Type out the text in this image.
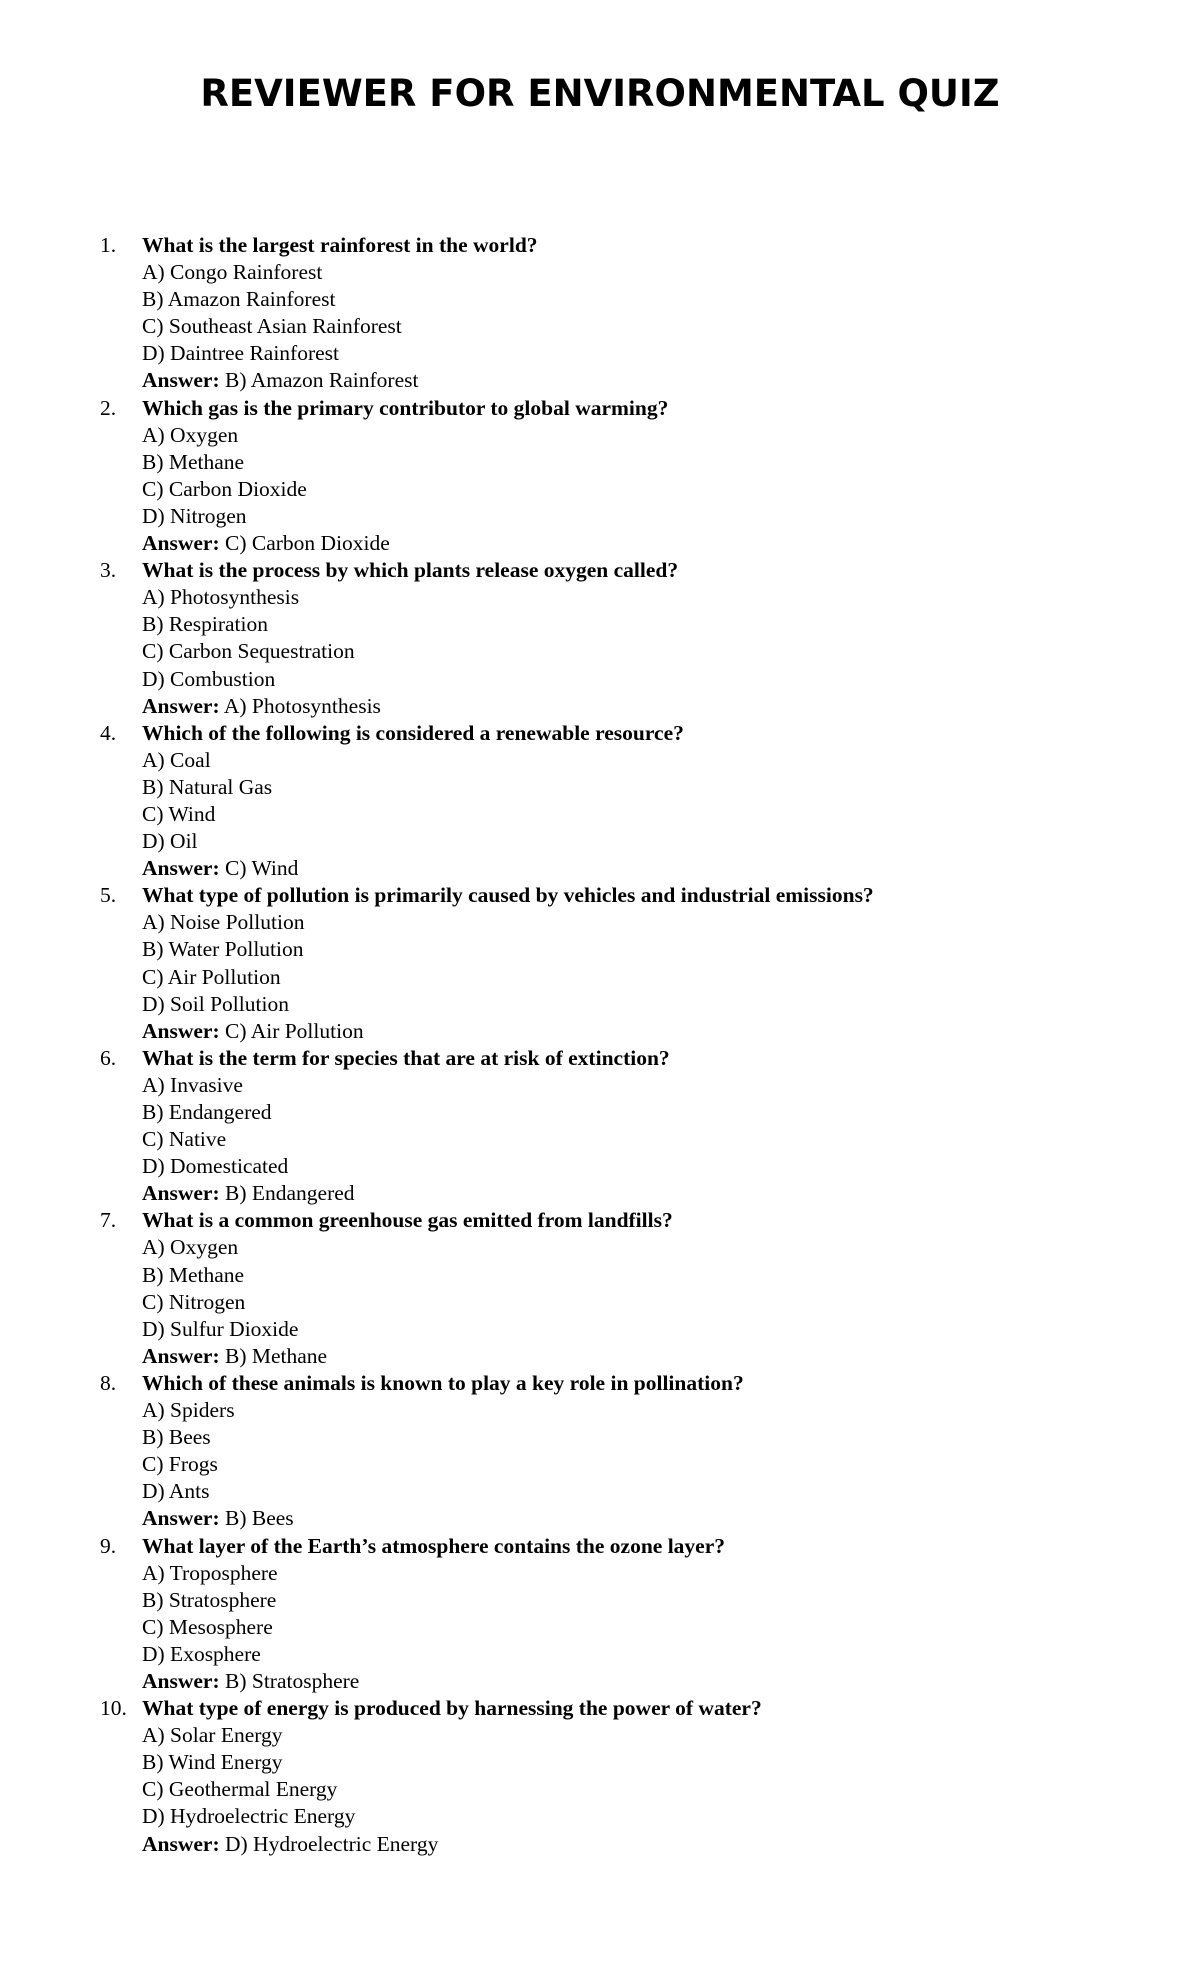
REVIEWER FOR ENVIRONMENTAL QUIZ
1.	What is the largest rainforest in the world?
A) Congo Rainforest
B) Amazon Rainforest
C) Southeast Asian Rainforest
D) Daintree Rainforest
Answer: B) Amazon Rainforest
2.	Which gas is the primary contributor to global warming?
A) Oxygen
B) Methane
C) Carbon Dioxide
D) Nitrogen
Answer: C) Carbon Dioxide
3.	What is the process by which plants release oxygen called?
A) Photosynthesis
B) Respiration
C) Carbon Sequestration
D) Combustion
Answer: A) Photosynthesis
4.	Which of the following is considered a renewable resource?
A) Coal
B) Natural Gas
C) Wind
D) Oil
Answer: C) Wind
5.	What type of pollution is primarily caused by vehicles and industrial emissions?
A) Noise Pollution
B) Water Pollution
C) Air Pollution
D) Soil Pollution
Answer: C) Air Pollution
6.	What is the term for species that are at risk of extinction?
A) Invasive
B) Endangered
C) Native
D) Domesticated
Answer: B) Endangered
7.	What is a common greenhouse gas emitted from landfills?
A) Oxygen
B) Methane
C) Nitrogen
D) Sulfur Dioxide
Answer: B) Methane
8.	Which of these animals is known to play a key role in pollination?
A) Spiders
B) Bees
C) Frogs
D) Ants
Answer: B) Bees
9.	What layer of the Earth’s atmosphere contains the ozone layer?
A) Troposphere
B) Stratosphere
C) Mesosphere
D) Exosphere
Answer: B) Stratosphere
10. What type of energy is produced by harnessing the power of water?
A) Solar Energy
B) Wind Energy
C) Geothermal Energy
D) Hydroelectric Energy
Answer: D) Hydroelectric Energy
